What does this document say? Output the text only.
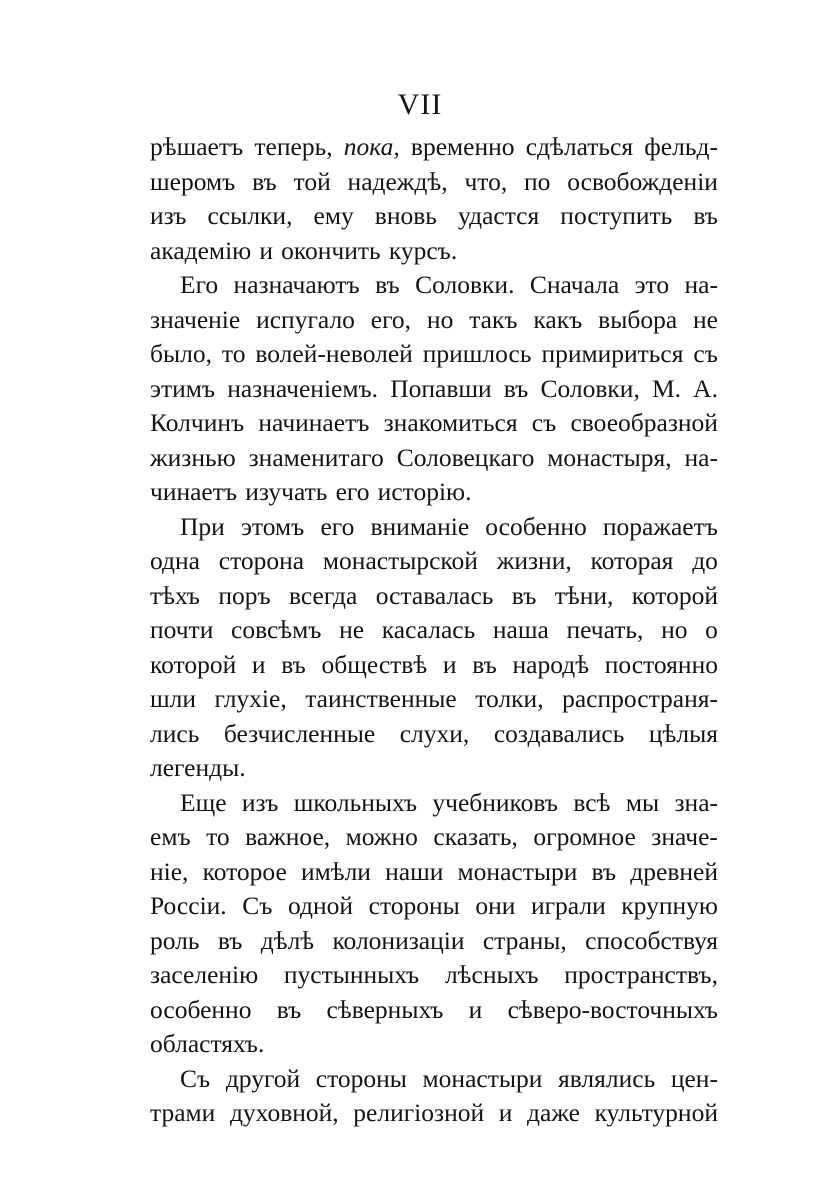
VII
рѣшаетъ теперь, пока, временно сдѣлаться фельд-
шеромъ въ той надеждѣ, что, по освобожденіи
изъ ссылки, ему вновь удастся поступить въ
академію и окончить курсъ.
Его назначаютъ въ Соловки. Сначала это на-
значеніе испугало его, но такъ какъ выбора не
было, то волей-неволей пришлось примириться съ
этимъ назначеніемъ. Попавши въ Соловки, М. А.
Колчинъ начинаетъ знакомиться съ своеобразной
жизнью знаменитаго Соловецкаго монастыря, на-
чинаетъ изучать его исторію.
При этомъ его вниманіе особенно поражаетъ
одна сторона монастырской жизни, которая до
тѣхъ поръ всегда оставалась въ тѣни, которой
почти совсѣмъ не касалась наша печать, но о
которой и въ обществѣ и въ народѣ постоянно
шли глухіе, таинственные толки, распространя-
лись безчисленные слухи, создавались цѣлыя
легенды.
Еще изъ школьныхъ учебниковъ всѣ мы зна-
емъ то важное, можно сказать, огромное значе-
ніе, которое имѣли наши монастыри въ древней
Россіи. Съ одной стороны они играли крупную
роль въ дѣлѣ колонизаціи страны, способствуя
заселенію пустынныхъ лѣсныхъ пространствъ,
особенно въ сѣверныхъ и сѣверо-восточныхъ
областяхъ.
Съ другой стороны монастыри являлись цен-
трами духовной, религіозной и даже культурной
